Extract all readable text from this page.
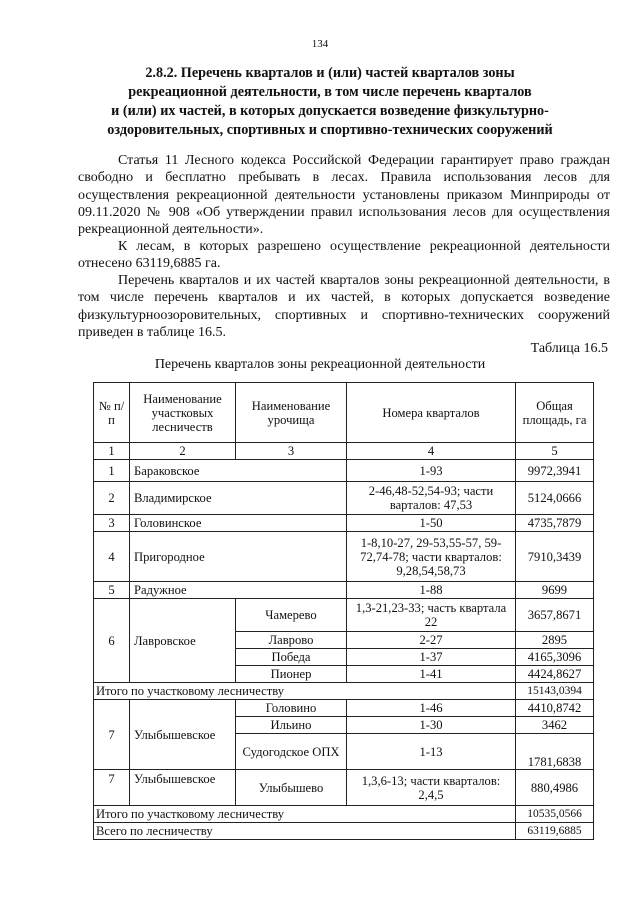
134
2.8.2. Перечень кварталов и (или) частей кварталов зоны
рекреационной деятельности, в том числе перечень кварталов
и (или) их частей, в которых допускается возведение физкультурно-
оздоровительных, спортивных и спортивно-технических сооружений
Статья 11 Лесного кодекса Российской Федерации гарантирует право граждан свободно и бесплатно пребывать в лесах. Правила использования лесов для осуществления рекреационной деятельности установлены приказом Минприроды от 09.11.2020 № 908 «Об утверждении правил использования лесов для осуществления рекреационной деятельности».
К лесам, в которых разрешено осуществление рекреационной деятельности отнесено 63119,6885 га.
Перечень кварталов и их частей кварталов зоны рекреационной деятельности, в том числе перечень кварталов и их частей, в которых допускается возведение физкультурноозоровительных, спортивных и спортивно-технических сооружений приведен в таблице 16.5.
Таблица 16.5
Перечень кварталов зоны рекреационной деятельности
№ п/п	Наименование участковых лесничеств	Наименование урочища	Номера кварталов	Общая площадь, га
1	2	3	4	5
1	Бараковское		1-93	9972,3941
2	Владимирское		2-46,48-52,54-93; части варталов: 47,53	5124,0666
3	Головинское		1-50	4735,7879
4	Пригородное		1-8,10-27, 29-53,55-57, 59-72,74-78; части кварталов: 9,28,54,58,73	7910,3439
5	Радужное		1-88	9699
6	Лавровское	Чамерево	1,3-21,23-33; часть квартала 22	3657,8671
		Лаврово	2-27	2895
		Победа	1-37	4165,3096
		Пионер	1-41	4424,8627
Итого по участковому лесничеству				15143,0394
7	Улыбышевское	Головино	1-46	4410,8742
		Ильино	1-30	3462
		Судогодское ОПХ	1-13	1781,6838
7	Улыбышевское	Улыбышево	1,3,6-13; части кварталов: 2,4,5	880,4986
Итого по участковому лесничеству				10535,0566
Всего по лесничеству				63119,6885
